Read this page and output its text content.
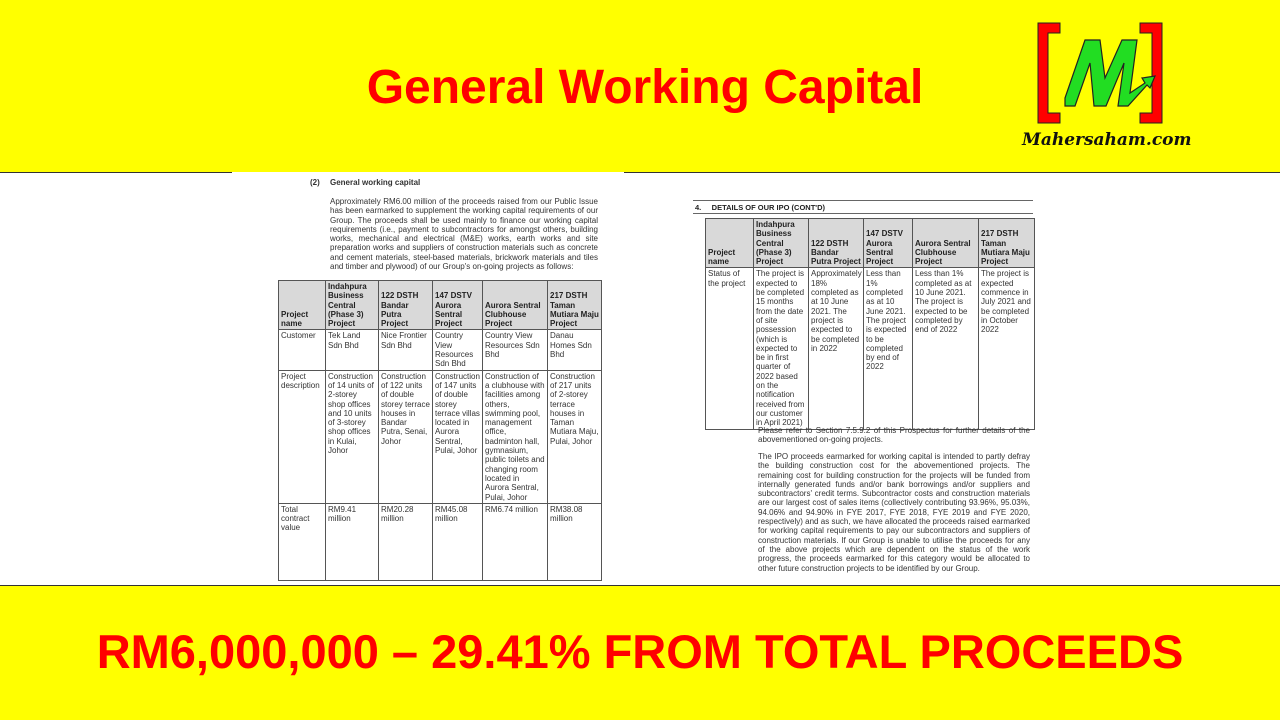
General Working Capital
Mahersaham.com
(2) General working capital
Approximately RM6.00 million of the proceeds raised from our Public Issue has been earmarked to supplement the working capital requirements of our Group. The proceeds shall be used mainly to finance our working capital requirements (i.e., payment to subcontractors for amongst others, building works, mechanical and electrical (M&E) works, earth works and site preparation works and suppliers of construction materials such as concrete and cement materials, steel-based materials, brickwork materials and tiles and timber and plywood) of our Group's on-going projects as follows:
Project name	Indahpura Business Central (Phase 3) Project	122 DSTH Bandar Putra Project	147 DSTV Aurora Sentral Project	Aurora Sentral Clubhouse Project	217 DSTH Taman Mutiara Maju Project
Customer	Tek Land Sdn Bhd	Nice Frontier Sdn Bhd	Country View Resources Sdn Bhd	Country View Resources Sdn Bhd	Danau Homes Sdn Bhd
Project description	Construction of 14 units of 2-storey shop offices and 10 units of 3-storey shop offices in Kulai, Johor	Construction of 122 units of double storey terrace houses in Bandar Putra, Senai, Johor	Construction of 147 units of double storey terrace villas located in Aurora Sentral, Pulai, Johor	Construction of a clubhouse with facilities among others, swimming pool, management office, badminton hall, gymnasium, public toilets and changing room located in Aurora Sentral, Pulai, Johor	Construction of 217 units of 2-storey terrace houses in Taman Mutiara Maju, Pulai, Johor
Total contract value	RM9.41 million	RM20.28 million	RM45.08 million	RM6.74 million	RM38.08 million
4.     DETAILS OF OUR IPO (CONT'D)
Project name	Indahpura Business Central (Phase 3) Project	122 DSTH Bandar Putra Project	147 DSTV Aurora Sentral Project	Aurora Sentral Clubhouse Project	217 DSTH Taman Mutiara Maju Project
Status of the project	The project is expected to be completed 15 months from the date of site possession (which is expected to be in first quarter of 2022 based on the notification received from our customer in April 2021)	Approximately 18% completed as at 10 June 2021. The project is expected to be completed in 2022	Less than 1% completed as at 10 June 2021. The project is expected to be completed by end of 2022	Less than 1% completed as at 10 June 2021. The project is expected to be completed by end of 2022	The project is expected commence in July 2021 and be completed in October 2022
Please refer to Section 7.5.9.2 of this Prospectus for further details of the abovementioned on-going projects.
The IPO proceeds earmarked for working capital is intended to partly defray the building construction cost for the abovementioned projects. The remaining cost for building construction for the projects will be funded from internally generated funds and/or bank borrowings and/or suppliers and subcontractors' credit terms. Subcontractor costs and construction materials are our largest cost of sales items (collectively contributing 93.96%, 95.03%, 94.06% and 94.90% in FYE 2017, FYE 2018, FYE 2019 and FYE 2020, respectively) and as such, we have allocated the proceeds raised earmarked for working capital requirements to pay our subcontractors and suppliers of construction materials. If our Group is unable to utilise the proceeds for any of the above projects which are dependent on the status of the work progress, the proceeds earmarked for this category would be allocated to other future construction projects to be identified by our Group.
RM6,000,000 – 29.41% FROM TOTAL PROCEEDS
